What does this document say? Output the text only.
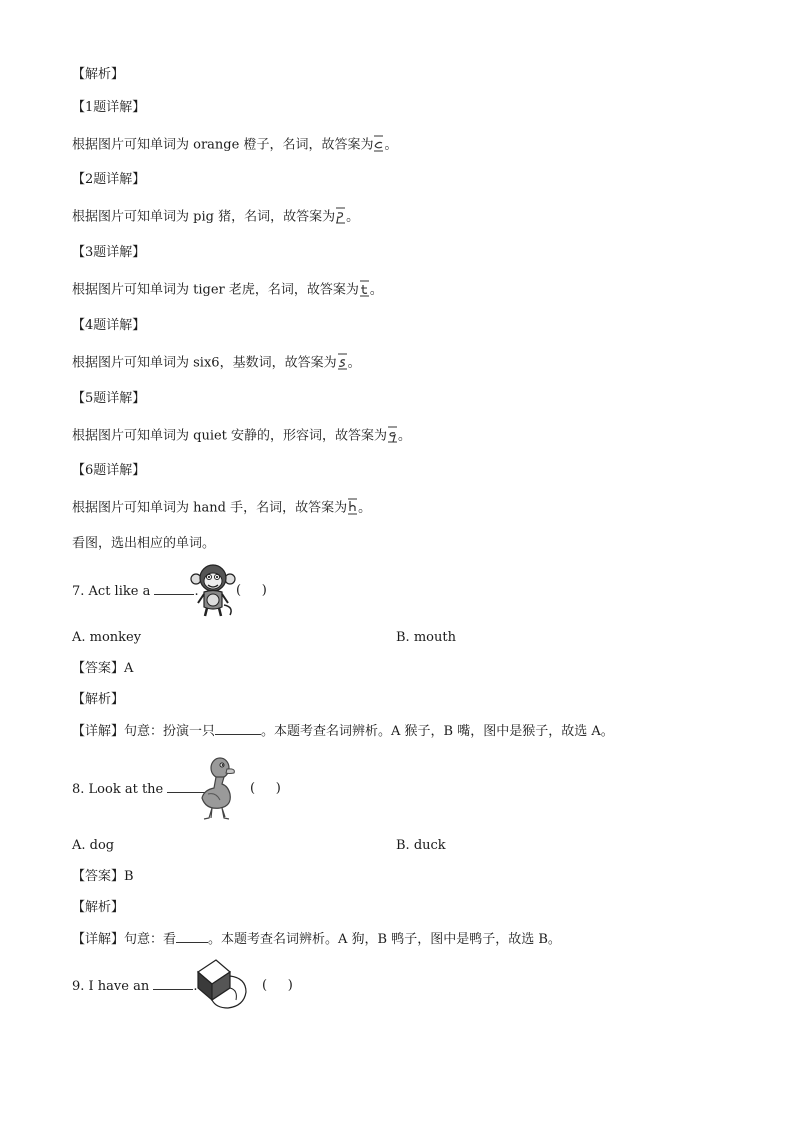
【解析】
【1题详解】
根据图片可知单词为 orange 橙子，名词，故答案为 。
【2题详解】
根据图片可知单词为 pig 猪，名词，故答案为 。
【3题详解】
根据图片可知单词为 tiger 老虎，名词，故答案为 。
【4题详解】
根据图片可知单词为 six6，基数词，故答案为 。
【5题详解】
根据图片可知单词为 quiet 安静的，形容词，故答案为 。
【6题详解】
根据图片可知单词为 hand 手，名词，故答案为 。
看图，选出相应的单词。
7. Act like a	.	(     )
A. monkey	B. mouth
【答案】A
【解析】
【详解】句意：扮演一只	。本题考查名词辨析。A 猴子，B 嘴，图中是猴子，故选 A。
8. Look at the	(     )
A. dog	B. duck
【答案】B
【解析】
【详解】句意：看 。本题考查名词辨析。A 狗，B 鸭子，图中是鸭子，故选 B。
9. I have an	.	(     )
